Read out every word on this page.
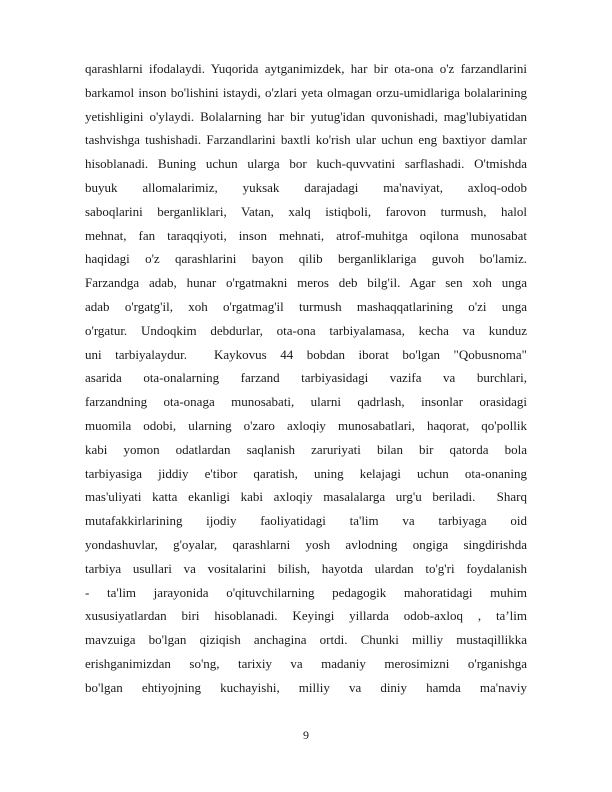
qarashlarni ifodalaydi. Yuqorida aytganimizdek, har bir ota-ona o'z farzandlarini
barkamol inson bo'lishini istaydi, o'zlari yeta olmagan orzu-umidlariga bolalarining
yetishligini o'ylaydi. Bolalarning har bir yutug'idan quvonishadi, mag'lubiyatidan
tashvishga tushishadi. Farzandlarini baxtli ko'rish ular uchun eng baxtiyor damlar
hisoblanadi. Buning uchun ularga bor kuch-quvvatini sarflashadi. O'tmishda
buyuk allomalarimiz, yuksak darajadagi ma'naviyat, axloq-odob
saboqlarini berganliklari, Vatan, xalq istiqboli, farovon turmush, halol
mehnat, fan taraqqiyoti, inson mehnati, atrof-muhitga oqilona munosabat
haqidagi o'z qarashlarini bayon qilib berganliklariga guvoh bo'lamiz.
Farzandga adab, hunar o'rgatmakni meros deb bilg'il. Agar sen xoh unga
adab o'rgatg'il, xoh o'rgatmag'il turmush mashaqqatlarining o'zi unga
o'rgatur. Undoqkim debdurlar, ota-ona tarbiyalamasa, kecha va kunduz
uni tarbiyalaydur.  Kaykovus 44 bobdan iborat bo'lgan "Qobusnoma"
asarida ota-onalarning farzand tarbiyasidagi vazifa va burchlari,
farzandning ota-onaga munosabati, ularni qadrlash, insonlar orasidagi
muomila odobi, ularning o'zaro axloqiy munosabatlari, haqorat, qo'pollik
kabi yomon odatlardan saqlanish zaruriyati bilan bir qatorda bola
tarbiyasiga jiddiy e'tibor qaratish, uning kelajagi uchun ota-onaning
mas'uliyati katta ekanligi kabi axloqiy masalalarga urg'u beriladi.  Sharq
mutafakkirlarining ijodiy faoliyatidagi ta'lim va tarbiyaga oid
yondashuvlar, g'oyalar, qarashlarni yosh avlodning ongiga singdirishda
tarbiya usullari va vositalarini bilish, hayotda ulardan to'g'ri foydalanish
- ta'lim jarayonida o'qituvchilarning pedagogik mahoratidagi muhim
xususiyatlardan biri hisoblanadi. Keyingi yillarda odob-axloq , ta’lim
mavzuiga bo'lgan qiziqish anchagina ortdi. Chunki milliy mustaqillikka
erishganimizdan so'ng, tarixiy va madaniy merosimizni o'rganishga
bo'lgan ehtiyojning kuchayishi, milliy va diniy hamda ma'naviy
9
